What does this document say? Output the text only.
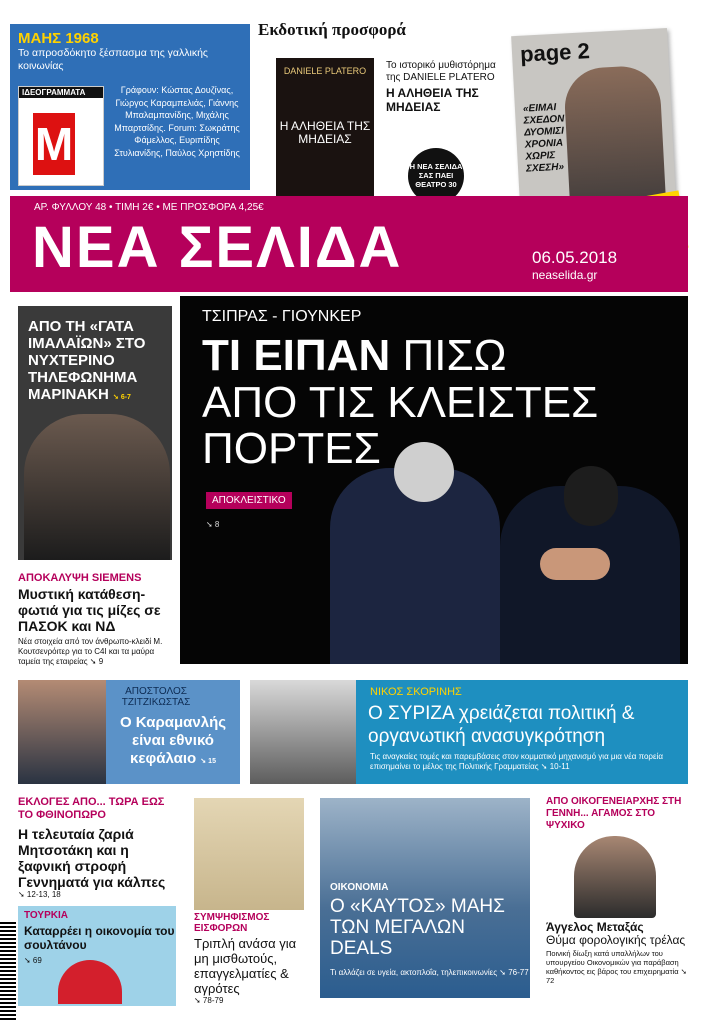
ΜΑΗΣ 1968
Το απροσδόκητο ξέσπασμα της γαλλικής κοινωνίας
ΙΔΕΟΓΡΑΜΜΑΤΑ
M
Γράφουν: Κώστας Δουζίνας, Γιώργος Καραμπελιάς, Γιάννης Μπαλαμπανίδης, Μιχάλης Μπαρτσίδης. Forum: Σωκράτης Φάμελλος, Ευριπίδης Στυλιανίδης, Παύλος Χρηστίδης
Εκδοτική προσφορά
DANIELE PLATERO
Η ΑΛΗΘΕΙΑ ΤΗΣ ΜΗΔΕΙΑΣ
Το ιστορικό μυθιστόρημα της DANIELE PLATERO
Η ΑΛΗΘΕΙΑ ΤΗΣ ΜΗΔΕΙΑΣ
Η ΝΕΑ ΣΕΛΙΔΑ ΣΑΣ ΠΑΕΙ ΘΕΑΤΡΟ 30
page 2
«ΕΙΜΑΙ ΣΧΕΔΟΝ ΔΥΟΜΙΣΙ ΧΡΟΝΙΑ ΧΩΡΙΣ ΣΧΕΣΗ»
ΑΡ. ΦΥΛΛΟΥ 48 • ΤΙΜΗ 2€ • ΜΕ ΠΡΟΣΦΟΡΑ 4,25€
ΝΕΑ ΣΕΛΙΔΑ	06.05.2018
neaselida.gr
ΤΣΙΠΡΑΣ - ΓΙΟΥΝΚΕΡ
ΤΙ ΕΙΠΑΝ ΠΙΣΩ
ΑΠΟ ΤΙΣ ΚΛΕΙΣΤΕΣ ΠΟΡΤΕΣ
ΑΠΟΚΛΕΙΣΤΙΚΟ
➘ 8
ΑΠΟ ΤΗ «ΓΑΤΑ ΙΜΑΛΑΪΩΝ» ΣΤΟ ΝΥΧΤΕΡΙΝΟ ΤΗΛΕΦΩΝΗΜΑ ΜΑΡΙΝΑΚΗ ➘ 6-7
ΑΠΟΚΑΛΥΨΗ SIEMENS
Μυστική κατάθεση-φωτιά για τις μίζες σε ΠΑΣΟΚ και ΝΔ
Νέα στοιχεία από τον άνθρωπο-κλειδί Μ. Κουτσενρόιτερ για το C4I και τα μαύρα ταμεία της εταιρείας ➘ 9
ΑΠΟΣΤΟΛΟΣ ΤΖΙΤΖΙΚΩΣΤΑΣ
Ο Καραμανλής είναι εθνικό κεφάλαιο ➘ 15
ΝΙΚΟΣ ΣΚΟΡΙΝΗΣ
Ο ΣΥΡΙΖΑ χρειάζεται πολιτική & οργανωτική ανασυγκρότηση
Τις αναγκαίες τομές και παρεμβάσεις στον κομματικό μηχανισμό για μια νέα πορεία επισημαίνει το μέλος της Πολιτικής Γραμματείας ➘ 10-11
ΕΚΛΟΓΕΣ ΑΠΟ... ΤΩΡΑ ΕΩΣ ΤΟ ΦΘΙΝΟΠΩΡΟ
Η τελευταία ζαριά Μητσοτάκη και η ξαφνική στροφή Γεννηματά για κάλπες
➘ 12-13, 18
ΣΥΜΨΗΦΙΣΜΟΣ ΕΙΣΦΟΡΩΝ
Τριπλή ανάσα για μη μισθωτούς, επαγγελματίες & αγρότες
➘ 78-79
ΟΙΚΟΝΟΜΙΑ
Ο «ΚΑΥΤΟΣ» ΜΑΗΣ ΤΩΝ ΜΕΓΑΛΩΝ DEALS
Τι αλλάζει σε υγεία, ακτοπλοΐα, τηλεπικοινωνίες ➘ 76-77
ΑΠΟ ΟΙΚΟΓΕΝΕΙΑΡΧΗΣ ΣΤΗ ΓΕΝΝΗ... ΑΓΑΜΟΣ ΣΤΟ ΨΥΧΙΚΟ
Άγγελος Μεταξάς
Θύμα φορολογικής τρέλας
Ποινική δίωξη κατά υπαλλήλων του υπουργείου Οικονομικών για παράβαση καθήκοντος εις βάρος του επιχειρηματία ➘ 72
ΤΟΥΡΚΙΑ
Καταρρέει η οικονομία του σουλτάνου
➘ 69
